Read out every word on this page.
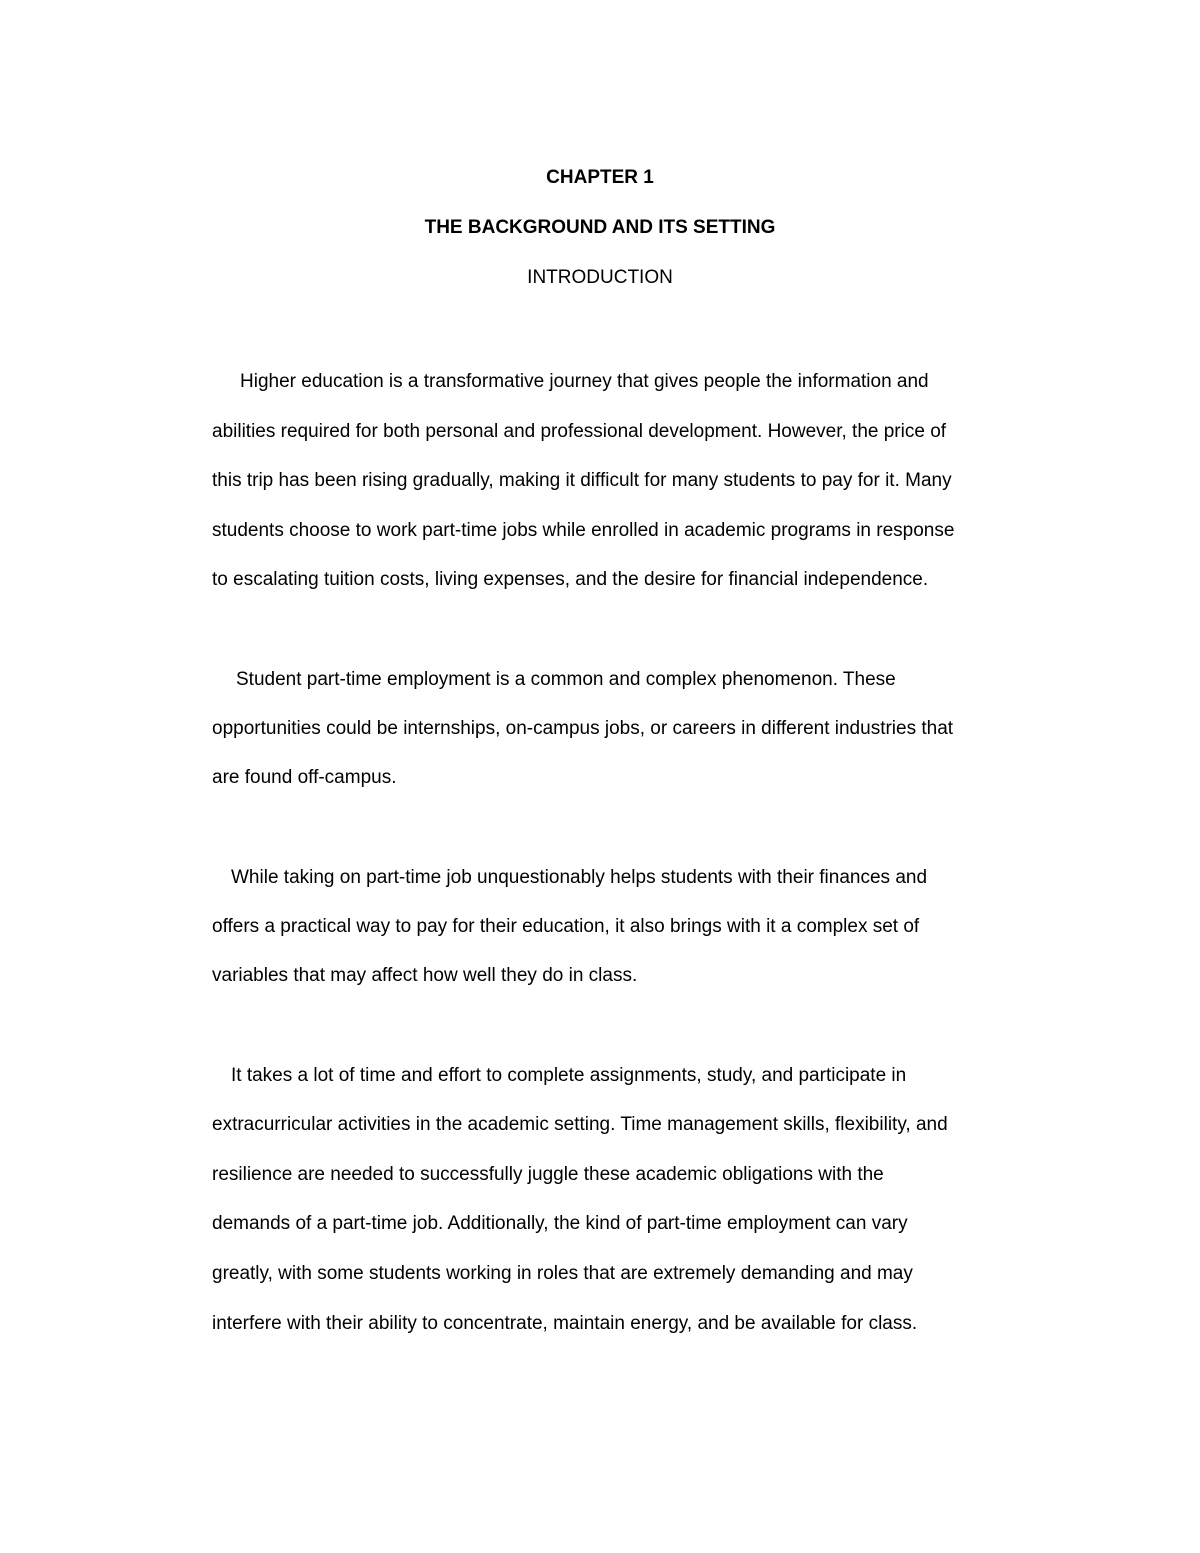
CHAPTER 1
THE BACKGROUND AND ITS SETTING
INTRODUCTION
Higher education is a transformative journey that gives people the information and
abilities required for both personal and professional development. However, the price of
this trip has been rising gradually, making it difficult for many students to pay for it. Many
students choose to work part-time jobs while enrolled in academic programs in response
to escalating tuition costs, living expenses, and the desire for financial independence.
Student part-time employment is a common and complex phenomenon. These
opportunities could be internships, on-campus jobs, or careers in different industries that
are found off-campus.
While taking on part-time job unquestionably helps students with their finances and
offers a practical way to pay for their education, it also brings with it a complex set of
variables that may affect how well they do in class.
It takes a lot of time and effort to complete assignments, study, and participate in
extracurricular activities in the academic setting. Time management skills, flexibility, and
resilience are needed to successfully juggle these academic obligations with the
demands of a part-time job. Additionally, the kind of part-time employment can vary
greatly, with some students working in roles that are extremely demanding and may
interfere with their ability to concentrate, maintain energy, and be available for class.
